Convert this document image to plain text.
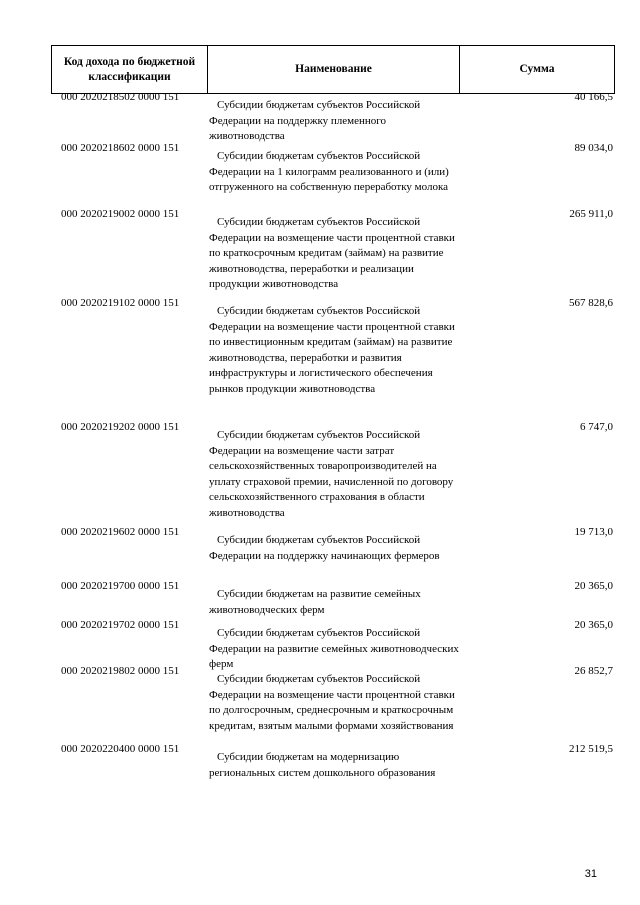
Код дохода по бюджетной классификации
Наименование	Сумма
000 2020218502 0000 151
Субсидии бюджетам субъектов Российской Федерации на поддержку племенного животноводства
40 166,5
000 2020218602 0000 151
Субсидии бюджетам субъектов Российской Федерации на 1 килограмм реализованного и (или) отгруженного на собственную переработку молока
89 034,0
000 2020219002 0000 151
Субсидии бюджетам субъектов Российской Федерации на возмещение части процентной ставки по краткосрочным кредитам (займам) на развитие животноводства, переработки и реализации продукции животноводства
265 911,0
000 2020219102 0000 151
Субсидии бюджетам субъектов Российской Федерации на возмещение части процентной ставки по инвестиционным кредитам (займам) на развитие животноводства, переработки и развития инфраструктуры и логистического обеспечения рынков продукции животноводства
567 828,6
000 2020219202 0000 151
Субсидии бюджетам субъектов Российской Федерации на возмещение части затрат сельскохозяйственных товаропроизводителей на уплату страховой премии, начисленной по договору сельскохозяйственного страхования в области животноводства
6 747,0
000 2020219602 0000 151
Субсидии бюджетам субъектов Российской Федерации на поддержку начинающих фермеров
19 713,0
000 2020219700 0000 151
Субсидии бюджетам на развитие семейных животноводческих ферм
20 365,0
000 2020219702 0000 151
Субсидии бюджетам субъектов Российской Федерации на развитие семейных животноводческих ферм
20 365,0
000 2020219802 0000 151
Субсидии бюджетам субъектов Российской Федерации на возмещение части процентной ставки по долгосрочным, среднесрочным и краткосрочным кредитам, взятым малыми формами хозяйствования
26 852,7
000 2020220400 0000 151
Субсидии бюджетам на модернизацию региональных систем дошкольного образования
212 519,5
31
